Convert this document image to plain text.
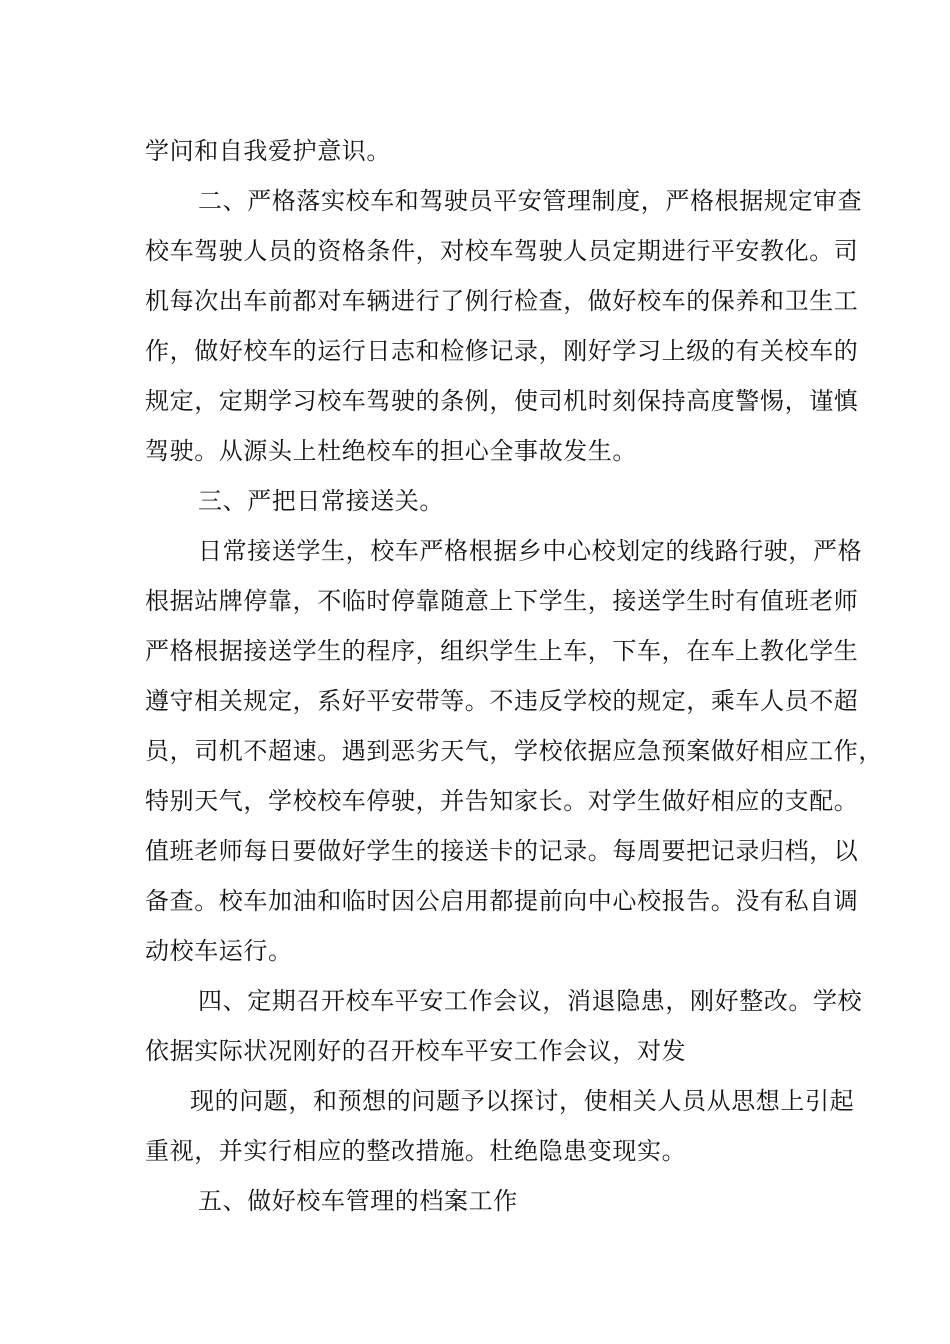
学问和自我爱护意识。
二、严格落实校车和驾驶员平安管理制度，严格根据规定审查
校车驾驶人员的资格条件，对校车驾驶人员定期进行平安教化。司
机每次出车前都对车辆进行了例行检查，做好校车的保养和卫生工
作，做好校车的运行日志和检修记录，刚好学习上级的有关校车的
规定，定期学习校车驾驶的条例，使司机时刻保持高度警惕，谨慎
驾驶。从源头上杜绝校车的担心全事故发生。
三、严把日常接送关。
日常接送学生，校车严格根据乡中心校划定的线路行驶，严格
根据站牌停靠，不临时停靠随意上下学生，接送学生时有值班老师
严格根据接送学生的程序，组织学生上车，下车，在车上教化学生
遵守相关规定，系好平安带等。不违反学校的规定，乘车人员不超
员，司机不超速。遇到恶劣天气，学校依据应急预案做好相应工作，
特别天气，学校校车停驶，并告知家长。对学生做好相应的支配。
值班老师每日要做好学生的接送卡的记录。每周要把记录归档，以
备查。校车加油和临时因公启用都提前向中心校报告。没有私自调
动校车运行。
四、定期召开校车平安工作会议，消退隐患，刚好整改。学校
依据实际状况刚好的召开校车平安工作会议，对发
现的问题，和预想的问题予以探讨，使相关人员从思想上引起
重视，并实行相应的整改措施。杜绝隐患变现实。
五、做好校车管理的档案工作
